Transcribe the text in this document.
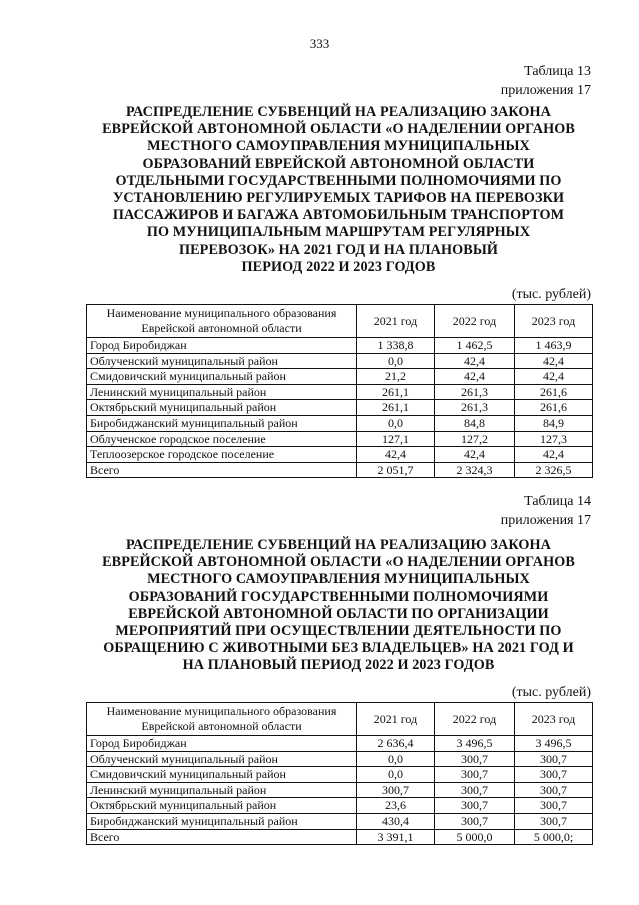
333
Таблица 13
приложения 17
РАСПРЕДЕЛЕНИЕ СУБВЕНЦИЙ НА РЕАЛИЗАЦИЮ ЗАКОНА
ЕВРЕЙСКОЙ АВТОНОМНОЙ ОБЛАСТИ «О НАДЕЛЕНИИ ОРГАНОВ
МЕСТНОГО САМОУПРАВЛЕНИЯ МУНИЦИПАЛЬНЫХ
ОБРАЗОВАНИЙ ЕВРЕЙСКОЙ АВТОНОМНОЙ ОБЛАСТИ
ОТДЕЛЬНЫМИ ГОСУДАРСТВЕННЫМИ ПОЛНОМОЧИЯМИ ПО
УСТАНОВЛЕНИЮ РЕГУЛИРУЕМЫХ ТАРИФОВ НА ПЕРЕВОЗКИ
ПАССАЖИРОВ И БАГАЖА АВТОМОБИЛЬНЫМ ТРАНСПОРТОМ
ПО МУНИЦИПАЛЬНЫМ МАРШРУТАМ РЕГУЛЯРНЫХ
ПЕРЕВОЗОК» НА 2021 ГОД И НА ПЛАНОВЫЙ
ПЕРИОД 2022 И 2023 ГОДОВ
(тыс. рублей)
Наименование муниципального образования
Еврейской автономной области	2021 год	2022 год	2023 год
Город Биробиджан	1 338,8	1 462,5	1 463,9
Облученский муниципальный район	0,0	42,4	42,4
Смидовичский муниципальный район	21,2	42,4	42,4
Ленинский муниципальный район	261,1	261,3	261,6
Октябрьский муниципальный район	261,1	261,3	261,6
Биробиджанский муниципальный район	0,0	84,8	84,9
Облученское городское поселение	127,1	127,2	127,3
Теплоозерское городское поселение	42,4	42,4	42,4
Всего	2 051,7	2 324,3	2 326,5
Таблица 14
приложения 17
РАСПРЕДЕЛЕНИЕ СУБВЕНЦИЙ НА РЕАЛИЗАЦИЮ ЗАКОНА
ЕВРЕЙСКОЙ АВТОНОМНОЙ ОБЛАСТИ «О НАДЕЛЕНИИ ОРГАНОВ
МЕСТНОГО САМОУПРАВЛЕНИЯ МУНИЦИПАЛЬНЫХ
ОБРАЗОВАНИЙ ГОСУДАРСТВЕННЫМИ ПОЛНОМОЧИЯМИ
ЕВРЕЙСКОЙ АВТОНОМНОЙ ОБЛАСТИ ПО ОРГАНИЗАЦИИ
МЕРОПРИЯТИЙ ПРИ ОСУЩЕСТВЛЕНИИ ДЕЯТЕЛЬНОСТИ ПО
ОБРАЩЕНИЮ С ЖИВОТНЫМИ БЕЗ ВЛАДЕЛЬЦЕВ» НА 2021 ГОД И
НА ПЛАНОВЫЙ ПЕРИОД 2022 И 2023 ГОДОВ
(тыс. рублей)
Наименование муниципального образования
Еврейской автономной области	2021 год	2022 год	2023 год
Город Биробиджан	2 636,4	3 496,5	3 496,5
Облученский муниципальный район	0,0	300,7	300,7
Смидовичский муниципальный район	0,0	300,7	300,7
Ленинский муниципальный район	300,7	300,7	300,7
Октябрьский муниципальный район	23,6	300,7	300,7
Биробиджанский муниципальный район	430,4	300,7	300,7
Всего	3 391,1	5 000,0	5 000,0;
